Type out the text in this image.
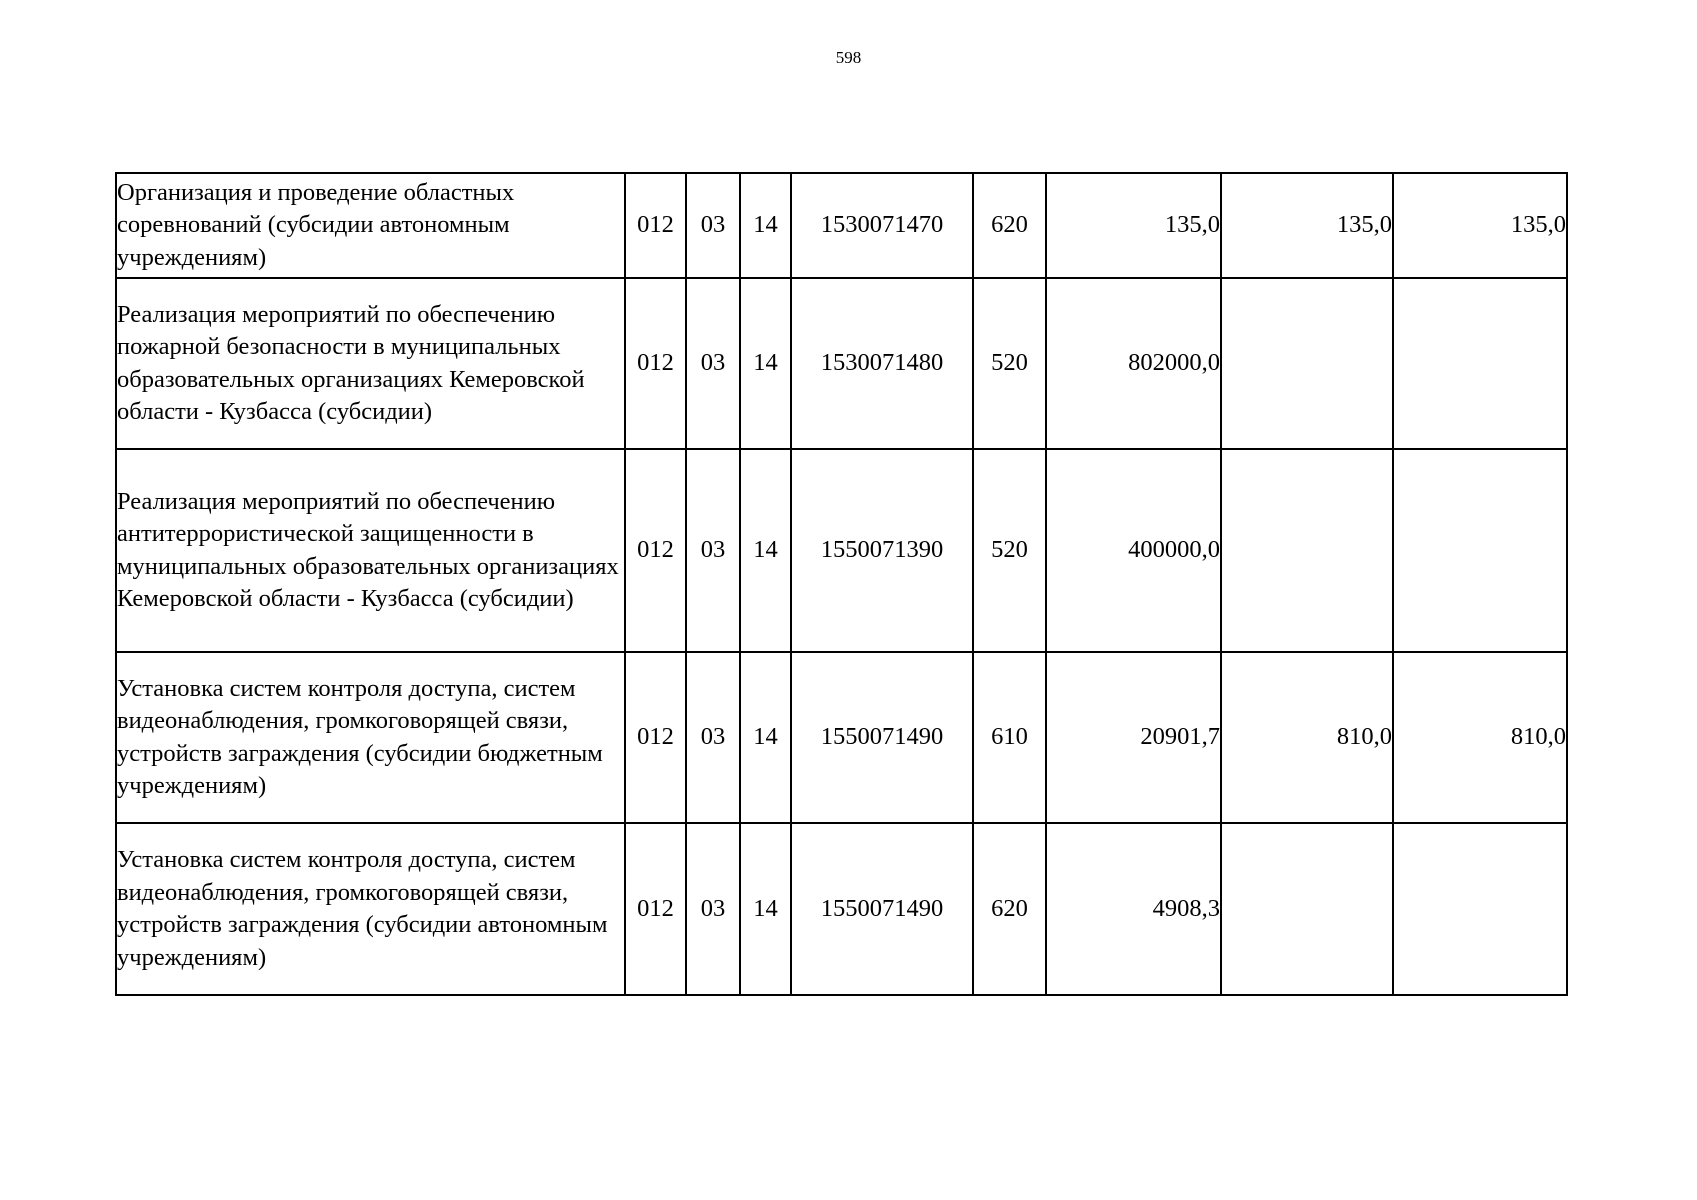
598
Организация и проведение областных соревнований (субсидии автономным учреждениям)	012	03	14	1530071470	620	135,0	135,0	135,0
Реализация мероприятий по обеспечению пожарной безопасности в муниципальных образовательных организациях Кемеровской области - Кузбасса (субсидии)	012	03	14	1530071480	520	802000,0		
Реализация мероприятий по обеспечению антитеррористической защищенности в муниципальных образовательных организациях Кемеровской области - Кузбасса (субсидии)	012	03	14	1550071390	520	400000,0		
Установка систем контроля доступа, систем видеонаблюдения, громкоговорящей связи, устройств заграждения (субсидии бюджетным учреждениям)	012	03	14	1550071490	610	20901,7	810,0	810,0
Установка систем контроля доступа, систем видеонаблюдения, громкоговорящей связи, устройств заграждения (субсидии автономным учреждениям)	012	03	14	1550071490	620	4908,3		
